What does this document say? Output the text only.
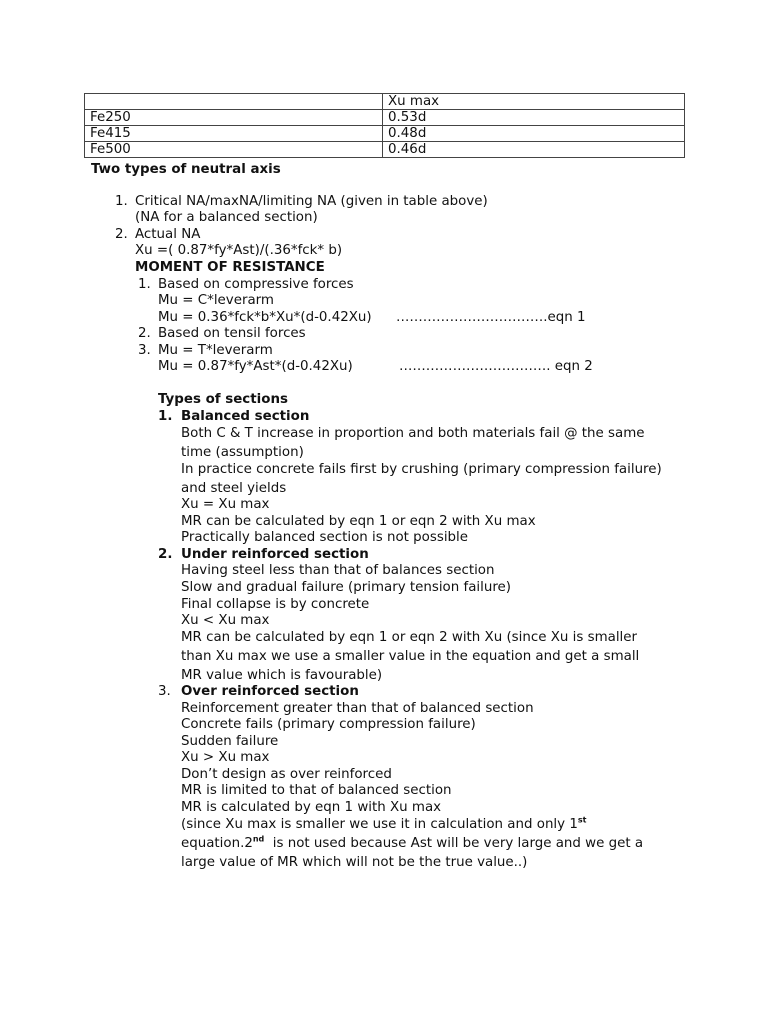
	Xu max
Fe250	0.53d
Fe415	0.48d
Fe500	0.46d
Two types of neutral axis
1. Critical NA/maxNA/limiting NA (given in table above)
(NA for a balanced section)
2. Actual NA
Xu =( 0.87*fy*Ast)/(.36*fck* b)
MOMENT OF RESISTANCE
1. Based on compressive forces
Mu = C*leverarm
Mu = 0.36*fck*b*Xu*(d-0.42Xu) …………………………….eqn 1
2. Based on tensil forces
3. Mu = T*leverarm
Mu = 0.87*fy*Ast*(d-0.42Xu)	……………………………. eqn 2
Types of sections
1. Balanced section
Both C & T increase in proportion and both materials fail @ the same
time (assumption)
In practice concrete fails first by crushing (primary compression failure)
and steel yields
Xu = Xu max
MR can be calculated by eqn 1 or eqn 2 with Xu max
Practically balanced section is not possible
2. Under reinforced section
Having steel less than that of balances section
Slow and gradual failure (primary tension failure)
Final collapse is by concrete
Xu < Xu max
MR can be calculated by eqn 1 or eqn 2 with Xu (since Xu is smaller
than Xu max we use a smaller value in the equation and get a small
MR value which is favourable)
3. Over reinforced section
Reinforcement greater than that of balanced section
Concrete fails (primary compression failure)
Sudden failure
Xu > Xu max
Don’t design as over reinforced
MR is limited to that of balanced section
MR is calculated by eqn 1 with Xu max
(since Xu max is smaller we use it in calculation and only 1st
equation.2nd  is not used because Ast will be very large and we get a
large value of MR which will not be the true value..)
